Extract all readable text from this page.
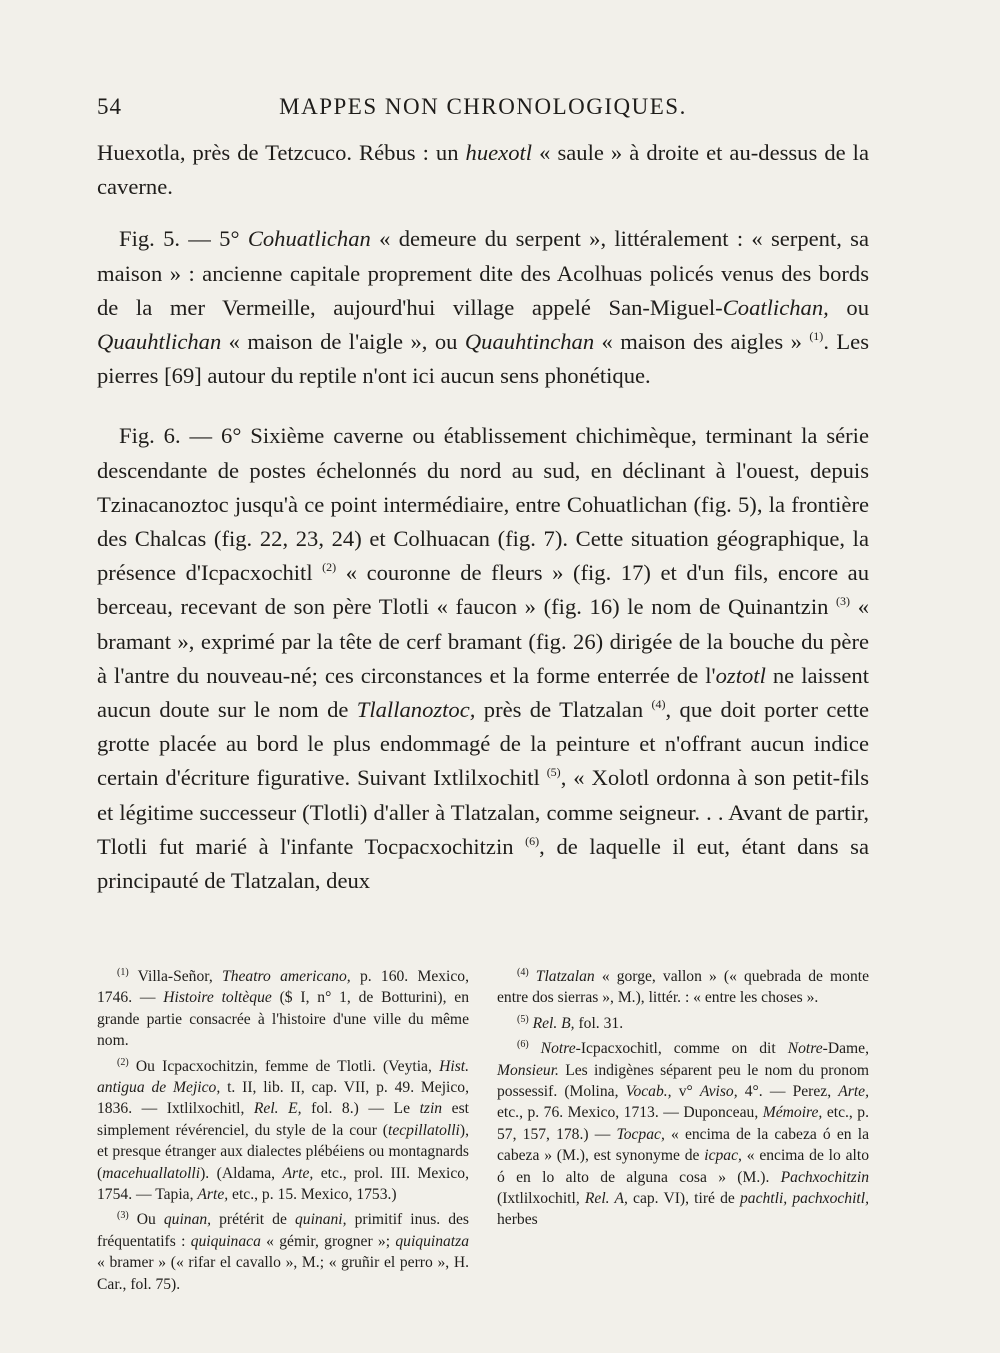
54	MAPPES NON CHRONOLOGIQUES.

Huexotla, près de Tetzcuco. Rébus : un huexotl « saule » à droite et au-dessus de la caverne.

Fig. 5. — 5° Cohuatlichan « demeure du serpent », littéralement : « serpent, sa maison » : ancienne capitale proprement dite des Acolhuas policés venus des bords de la mer Vermeille, aujourd'hui village appelé San-Miguel-Coatlichan, ou Quauhtlichan « maison de l'aigle », ou Quauhtinchan « maison des aigles » $^{(1)}$. Les pierres [69] autour du reptile n'ont ici aucun sens phonétique.

Fig. 6. — 6° Sixième caverne ou établissement chichimèque, terminant la série descendante de postes échelonnés du nord au sud, en déclinant à l'ouest, depuis Tzinacanoztoc jusqu'à ce point intermédiaire, entre Cohuatlichan (fig. 5), la frontière des Chalcas (fig. 22, 23, 24) et Colhuacan (fig. 7). Cette situation géographique, la présence d'Icpacxochitl $^{(2)}$ « couronne de fleurs » (fig. 17) et d'un fils, encore au berceau, recevant de son père Tlotli « faucon » (fig. 16) le nom de Quinantzin $^{(3)}$ « bramant », exprimé par la tête de cerf bramant (fig. 26) dirigée de la bouche du père à l'antre du nouveau-né; ces circonstances et la forme enterrée de l'oztotl ne laissent aucun doute sur le nom de Tlallanoztoc, près de Tlatzalan $^{(4)}$, que doit porter cette grotte placée au bord le plus endommagé de la peinture et n'offrant aucun indice certain d'écriture figurative. Suivant Ixtlilxochitl $^{(5)}$, « Xolotl ordonna à son petit-fils et légitime successeur (Tlotli) d'aller à Tlatzalan, comme seigneur. . . Avant de partir, Tlotli fut marié à l'infante Tocpacxochitzin $^{(6)}$, de laquelle il eut, étant dans sa principauté de Tlatzalan, deux

$^{(1)}$ Villa-Señor, Theatro americano, p. 160. Mexico, 1746. — Histoire toltèque ($ I, n° 1, de Botturini), en grande partie consacrée à l'histoire d'une ville du même nom.

$^{(2)}$ Ou Icpacxochitzin, femme de Tlotli. (Veytia, Hist. antigua de Mejico, t. II, lib. II, cap. VII, p. 49. Mejico, 1836. — Ixtlilxochitl, Rel. E, fol. 8.) — Le tzin est simplement révérenciel, du style de la cour (tecpillatolli), et presque étranger aux dialectes plébéiens ou montagnards (macehuallatolli). (Aldama, Arte, etc., prol. III. Mexico, 1754. — Tapia, Arte, etc., p. 15. Mexico, 1753.)

$^{(3)}$ Ou quinan, prétérit de quinani, primitif inus. des fréquentatifs : quiquinaca « gémir, grogner »; quiquinatza « bramer » (« rifar el cavallo », M.; « gruñir el perro », H. Car., fol. 75).

$^{(4)}$ Tlatzalan « gorge, vallon » (« quebrada de monte entre dos sierras », M.), littér. : « entre les choses ».

$^{(5)}$ Rel. B, fol. 31.

$^{(6)}$ Notre-Icpacxochitl, comme on dit Notre-Dame, Monsieur. Les indigènes séparent peu le nom du pronom possessif. (Molina, Vocab., v° Aviso, 4°. — Perez, Arte, etc., p. 76. Mexico, 1713. — Duponceau, Mémoire, etc., p. 57, 157, 178.) — Tocpac, « encima de la cabeza ó en la cabeza » (M.), est synonyme de icpac, « encima de lo alto ó en lo alto de alguna cosa » (M.). Pachxochitzin (Ixtlilxochitl, Rel. A, cap. VI), tiré de pachtli, pachxochitl, herbes
